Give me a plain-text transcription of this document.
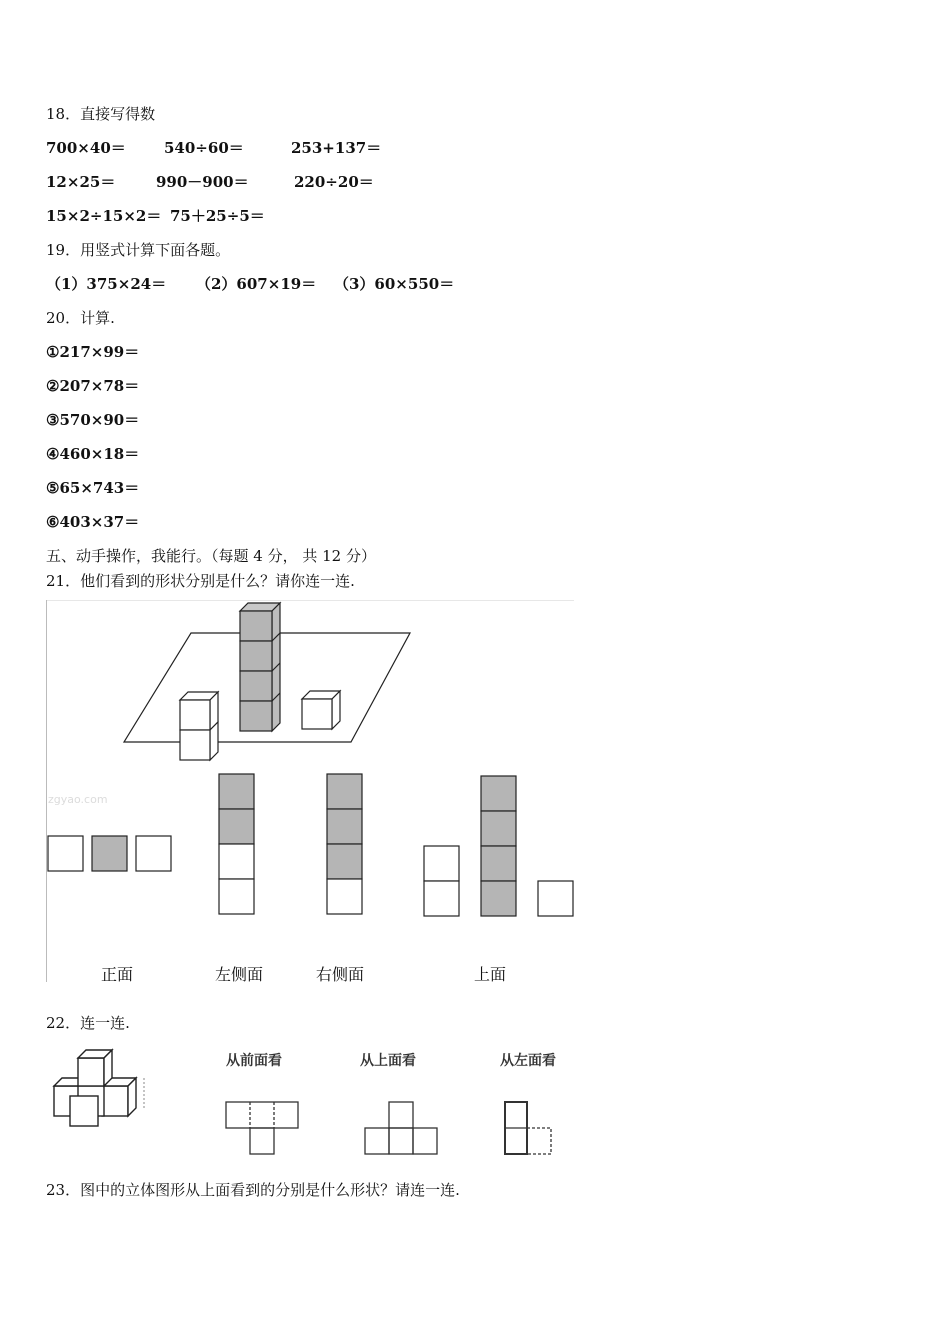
18．直接写得数
700×40＝	540÷60＝	253+137＝
12×25＝	990－900＝	220÷20＝
15×2÷15×2＝ 75＋25÷5＝
19．用竖式计算下面各题。
（1）375×24＝ （2）607×19＝ （3）60×550＝
20．计算.
①217×99＝
②207×78＝
③570×90＝
④460×18＝
⑤65×743＝
⑥403×37＝
五、动手操作，我能行。（每题 4 分， 共 12 分）
21．他们看到的形状分别是什么？请你连一连.
zgyao.com
正面	左侧面	右侧面	上面
22．连一连.
从前面看	从上面看	从左面看
23．图中的立体图形从上面看到的分别是什么形状？请连一连.
